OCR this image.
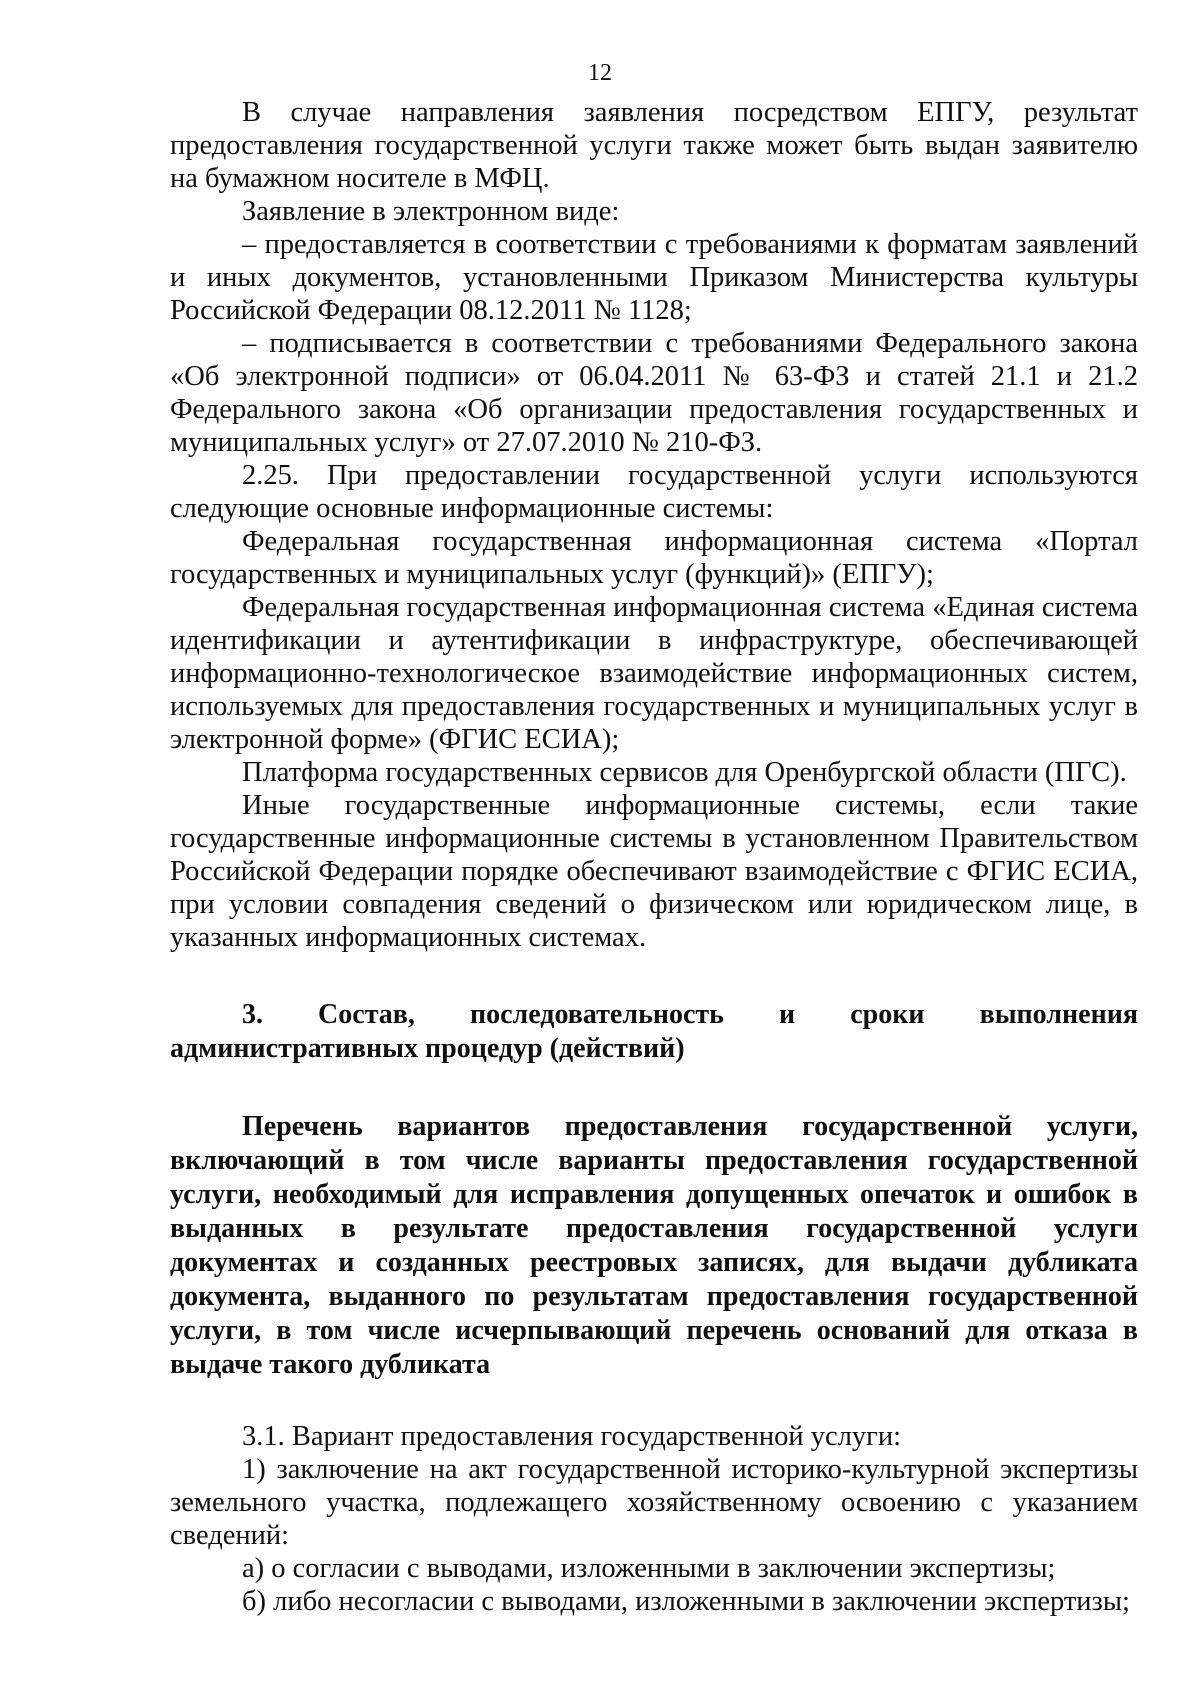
12

В случае направления заявления посредством ЕПГУ, результат предоставления государственной услуги также может быть выдан заявителю на бумажном носителе в МФЦ.

Заявление в электронном виде:

– предоставляется в соответствии с требованиями к форматам заявлений и иных документов, установленными Приказом Министерства культуры Российской Федерации 08.12.2011 № 1128;

– подписывается в соответствии с требованиями Федерального закона «Об электронной подписи» от 06.04.2011 № 63-ФЗ и статей 21.1 и 21.2 Федерального закона «Об организации предоставления государственных и муниципальных услуг» от 27.07.2010 № 210-ФЗ.

2.25. При предоставлении государственной услуги используются следующие основные информационные системы:

Федеральная государственная информационная система «Портал государственных и муниципальных услуг (функций)» (ЕПГУ);

Федеральная государственная информационная система «Единая система идентификации и аутентификации в инфраструктуре, обеспечивающей информационно-технологическое взаимодействие информационных систем, используемых для предоставления государственных и муниципальных услуг в электронной форме» (ФГИС ЕСИА);

Платформа государственных сервисов для Оренбургской области (ПГС).

Иные государственные информационные системы, если такие государственные информационные системы в установленном Правительством Российской Федерации порядке обеспечивают взаимодействие с ФГИС ЕСИА, при условии совпадения сведений о физическом или юридическом лице, в указанных информационных системах.

3. Состав, последовательность и сроки выполнения административных процедур (действий)

Перечень вариантов предоставления государственной услуги, включающий в том числе варианты предоставления государственной услуги, необходимый для исправления допущенных опечаток и ошибок в выданных в результате предоставления государственной услуги документах и созданных реестровых записях, для выдачи дубликата документа, выданного по результатам предоставления государственной услуги, в том числе исчерпывающий перечень оснований для отказа в выдаче такого дубликата

3.1. Вариант предоставления государственной услуги:

1) заключение на акт государственной историко-культурной экспертизы земельного участка, подлежащего хозяйственному освоению с указанием сведений:

а) о согласии с выводами, изложенными в заключении экспертизы;

б) либо несогласии с выводами, изложенными в заключении экспертизы;
